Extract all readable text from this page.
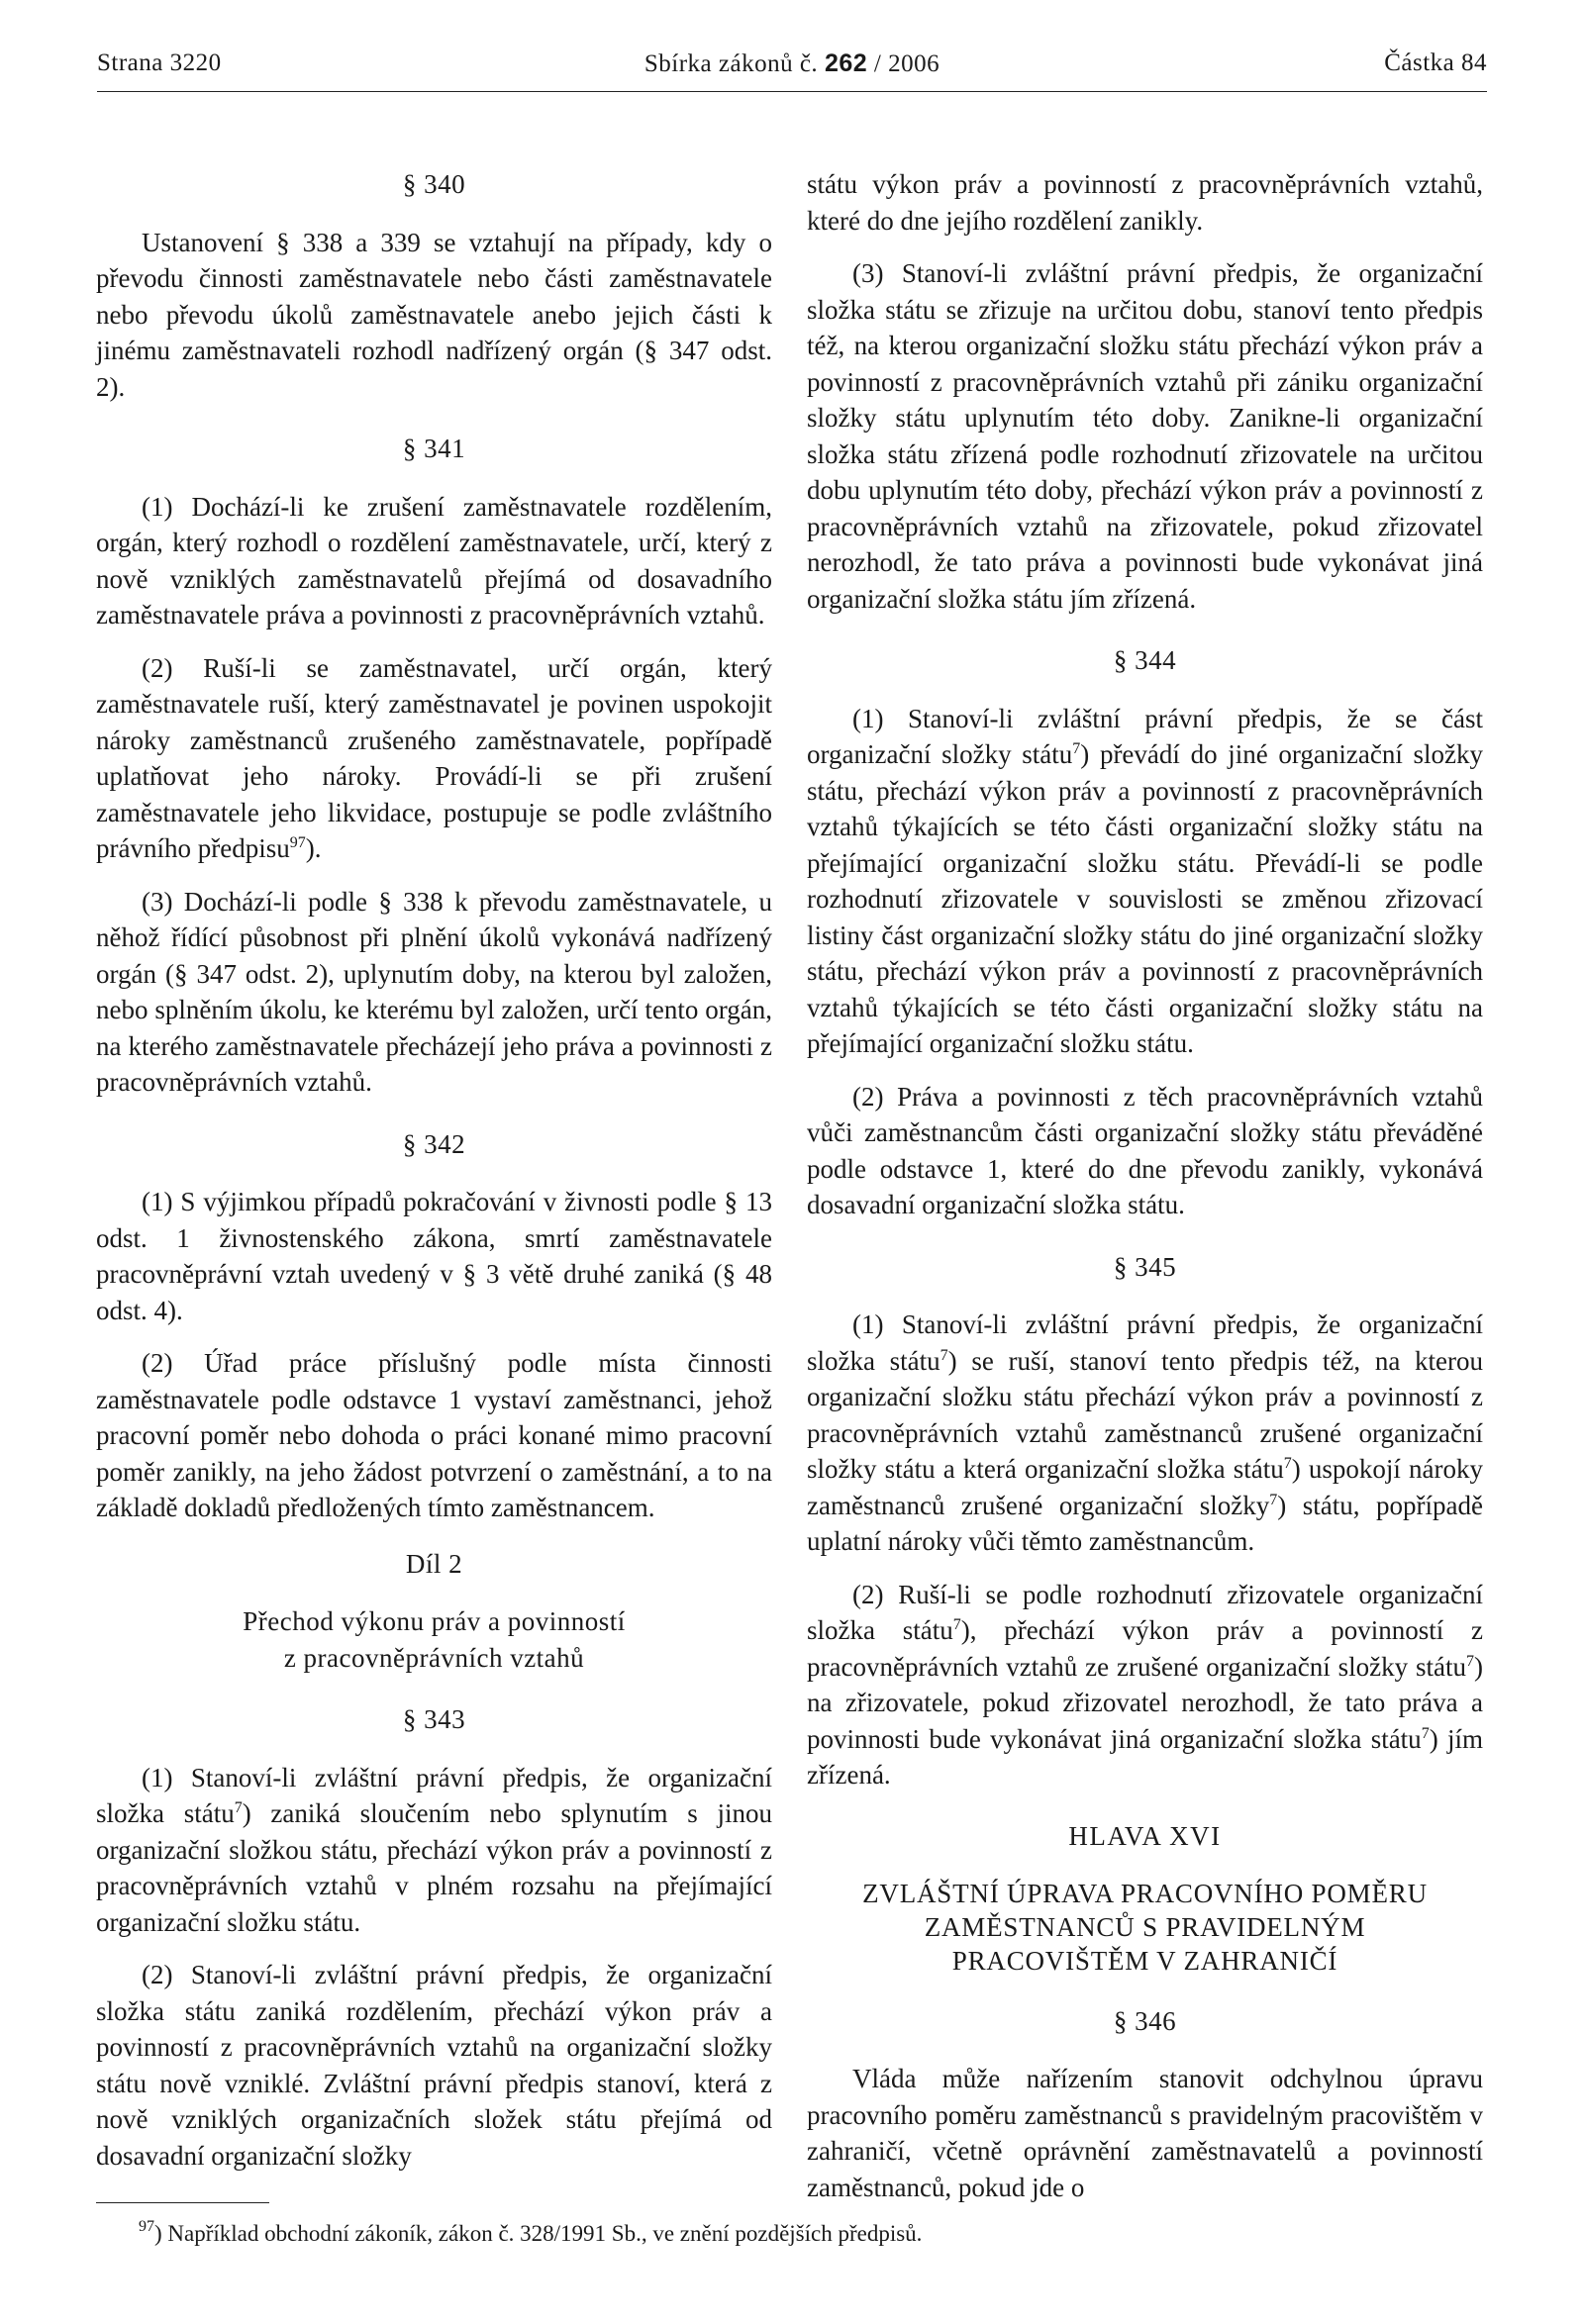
Strana 3220	Sbírka zákonů č. 262 / 2006	Částka 84
§ 340

Ustanovení § 338 a 339 se vztahují na případy, kdy o převodu činnosti zaměstnavatele nebo části zaměstnavatele nebo převodu úkolů zaměstnavatele anebo jejich části k jinému zaměstnavateli rozhodl nadřízený orgán (§ 347 odst. 2).

§ 341

(1) Dochází-li ke zrušení zaměstnavatele rozdělením, orgán, který rozhodl o rozdělení zaměstnavatele, určí, který z nově vzniklých zaměstnavatelů přejímá od dosavadního zaměstnavatele práva a povinnosti z pracovněprávních vztahů.

(2) Ruší-li se zaměstnavatel, určí orgán, který zaměstnavatele ruší, který zaměstnavatel je povinen uspokojit nároky zaměstnanců zrušeného zaměstnavatele, popřípadě uplatňovat jeho nároky. Provádí-li se při zrušení zaměstnavatele jeho likvidace, postupuje se podle zvláštního právního předpisu$^{97}$).

(3) Dochází-li podle § 338 k převodu zaměstnavatele, u něhož řídící působnost při plnění úkolů vykonává nadřízený orgán (§ 347 odst. 2), uplynutím doby, na kterou byl založen, nebo splněním úkolu, ke kterému byl založen, určí tento orgán, na kterého zaměstnavatele přecházejí jeho práva a povinnosti z pracovněprávních vztahů.

§ 342

(1) S výjimkou případů pokračování v živnosti podle § 13 odst. 1 živnostenského zákona, smrtí zaměstnavatele pracovněprávní vztah uvedený v § 3 větě druhé zaniká (§ 48 odst. 4).

(2) Úřad práce příslušný podle místa činnosti zaměstnavatele podle odstavce 1 vystaví zaměstnanci, jehož pracovní poměr nebo dohoda o práci konané mimo pracovní poměr zanikly, na jeho žádost potvrzení o zaměstnání, a to na základě dokladů předložených tímto zaměstnancem.

Díl 2
Přechod výkonu práv a povinností
z pracovněprávních vztahů
§ 343

(1) Stanoví-li zvláštní právní předpis, že organizační složka státu$^7$) zaniká sloučením nebo splynutím s jinou organizační složkou státu, přechází výkon práv a povinností z pracovněprávních vztahů v plném rozsahu na přejímající organizační složku státu.

(2) Stanoví-li zvláštní právní předpis, že organizační složka státu zaniká rozdělením, přechází výkon práv a povinností z pracovněprávních vztahů na organizační složky státu nově vzniklé. Zvláštní právní předpis stanoví, která z nově vzniklých organizačních složek státu přejímá od dosavadní organizační složky

státu výkon práv a povinností z pracovněprávních vztahů, které do dne jejího rozdělení zanikly.

(3) Stanoví-li zvláštní právní předpis, že organizační složka státu se zřizuje na určitou dobu, stanoví tento předpis též, na kterou organizační složku státu přechází výkon práv a povinností z pracovněprávních vztahů při zániku organizační složky státu uplynutím této doby. Zanikne-li organizační složka státu zřízená podle rozhodnutí zřizovatele na určitou dobu uplynutím této doby, přechází výkon práv a povinností z pracovněprávních vztahů na zřizovatele, pokud zřizovatel nerozhodl, že tato práva a povinnosti bude vykonávat jiná organizační složka státu jím zřízená.

§ 344

(1) Stanoví-li zvláštní právní předpis, že se část organizační složky státu$^7$) převádí do jiné organizační složky státu, přechází výkon práv a povinností z pracovněprávních vztahů týkajících se této části organizační složky státu na přejímající organizační složku státu. Převádí-li se podle rozhodnutí zřizovatele v souvislosti se změnou zřizovací listiny část organizační složky státu do jiné organizační složky státu, přechází výkon práv a povinností z pracovněprávních vztahů týkajících se této části organizační složky státu na přejímající organizační složku státu.

(2) Práva a povinnosti z těch pracovněprávních vztahů vůči zaměstnancům části organizační složky státu převáděné podle odstavce 1, které do dne převodu zanikly, vykonává dosavadní organizační složka státu.

§ 345

(1) Stanoví-li zvláštní právní předpis, že organizační složka státu$^7$) se ruší, stanoví tento předpis též, na kterou organizační složku státu přechází výkon práv a povinností z pracovněprávních vztahů zaměstnanců zrušené organizační složky státu a která organizační složka státu$^7$) uspokojí nároky zaměstnanců zrušené organizační složky$^7$) státu, popřípadě uplatní nároky vůči těmto zaměstnancům.

(2) Ruší-li se podle rozhodnutí zřizovatele organizační složka státu$^7$), přechází výkon práv a povinností z pracovněprávních vztahů ze zrušené organizační složky státu$^7$) na zřizovatele, pokud zřizovatel nerozhodl, že tato práva a povinnosti bude vykonávat jiná organizační složka státu$^7$) jím zřízená.

HLAVA XVI
ZVLÁŠTNÍ ÚPRAVA PRACOVNÍHO POMĚRU
ZAMĚSTNANCŮ S PRAVIDELNÝM
PRACOVIŠTĚM V ZAHRANIČÍ
§ 346

Vláda může nařízením stanovit odchylnou úpravu pracovního poměru zaměstnanců s pravidelným pracovištěm v zahraničí, včetně oprávnění zaměstnavatelů a povinností zaměstnanců, pokud jde o

$^{97}$) Například obchodní zákoník, zákon č. 328/1991 Sb., ve znění pozdějších předpisů.
